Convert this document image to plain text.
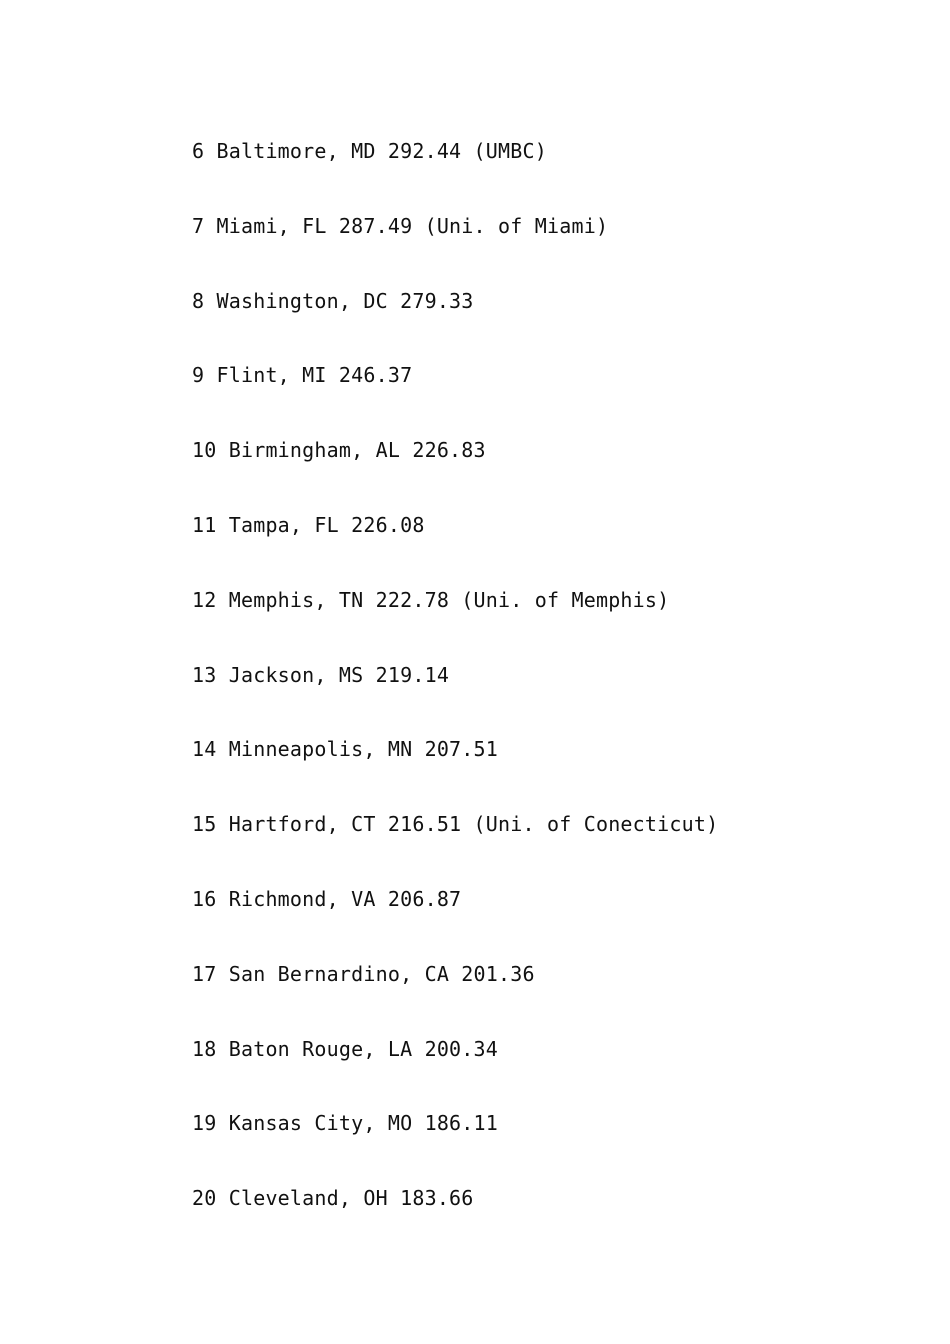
6 Baltimore, MD 292.44 (UMBC)
7 Miami, FL 287.49 (Uni. of Miami)
8 Washington, DC 279.33
9 Flint, MI 246.37
10 Birmingham, AL 226.83
11 Tampa, FL 226.08
12 Memphis, TN 222.78 (Uni. of Memphis)
13 Jackson, MS 219.14
14 Minneapolis, MN 207.51
15 Hartford, CT 216.51 (Uni. of Conecticut)
16 Richmond, VA 206.87
17 San Bernardino, CA 201.36
18 Baton Rouge, LA 200.34
19 Kansas City, MO 186.11
20 Cleveland, OH 183.66
